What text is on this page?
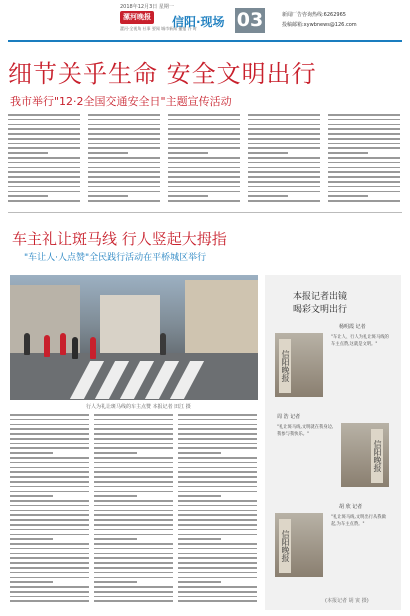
2018年12月3日 星期一
漯河晚报
漯河·全视角 社事 要闻 城市新闻 播报 汗 时
信阳·现场 03	新闻厂告咨询热线:6262965
投稿邮箱:xywbnews@126.com
细节关乎生命 安全文明出行
我市举行"12·2全国交通安全日"主题宣传活动
车主礼让斑马线 行人竖起大拇指
"车让人·人点赞"全民践行活动在平桥城区举行
行人为礼让斑马线的车主点赞 本报记者 田江 摄
本报记者出镜
喝彩文明出行
杨明霞 记者
信阳晚报
"车让人、行人为礼让斑马线的车主点赞,这就是文明。"
周 浩 记者
"礼让斑马线,文明就在我身边,我参与我快乐。"
信阳晚报
胡 欣 记者
信阳晚报
"礼让斑马线,文明出行从我做起,为车主点赞。"
(本报记者 胡 寅 摄)
